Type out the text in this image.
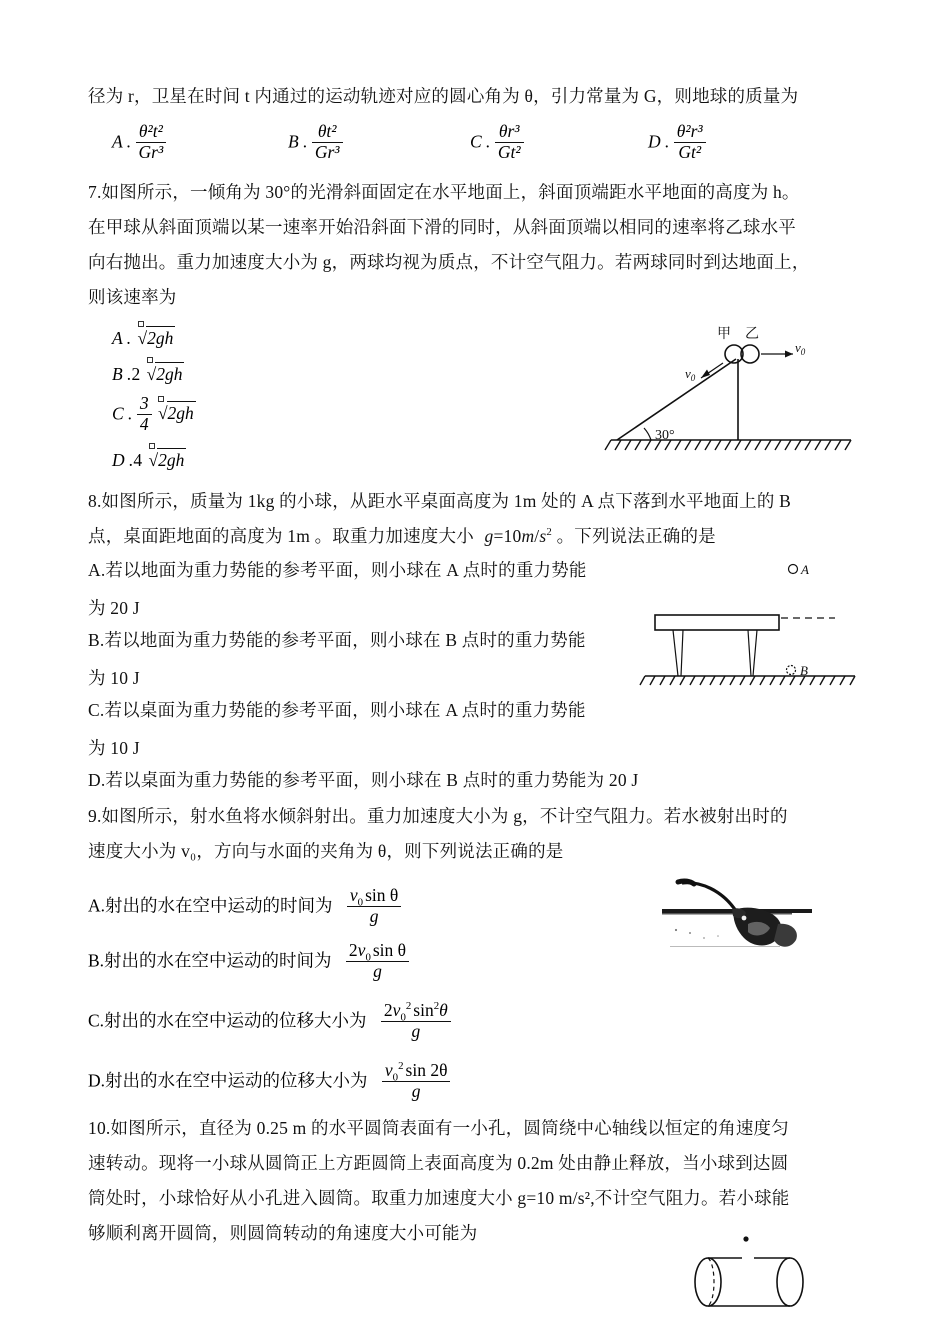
径为 r，卫星在时间 t 内通过的运动轨迹对应的圆心角为 θ，引力常量为 G，则地球的质量为
A . $\frac{\text{θ²t²}}{\text{Gr³}}$	B . $\frac{\text{θt²}}{\text{Gr³}}$	C . $\frac{\text{θr³}}{\text{Gt²}}$	D . $\frac{\text{θ²r³}}{\text{Gt²}}$
7.如图所示，一倾角为 30°的光滑斜面固定在水平地面上，斜面顶端距水平地面的高度为 h。
在甲球从斜面顶端以某一速率开始沿斜面下滑的同时，从斜面顶端以相同的速率将乙球水平
向右抛出。重力加速度大小为 g，两球均视为质点，不计空气阻力。若两球同时到达地面上，
则该速率为
A . √2gh
B .2 √2gh
C . $\frac{3}{4}$
√2gh
D .4 √2gh
甲 乙
$v_0$
$v_0$
30°
8.如图所示，质量为 1kg 的小球，从距水平桌面高度为 1m 处的 A 点下落到水平地面上的 B
点，桌面距地面的高度为 1m 。取重力加速度大小 $g=10m/s^2$ 。下列说法正确的是
A.若以地面为重力势能的参考平面，则小球在 A 点时的重力势能
为 20 J
B.若以地面为重力势能的参考平面，则小球在 B 点时的重力势能
为 10 J
C.若以桌面为重力势能的参考平面，则小球在 A 点时的重力势能
为 10 J
D.若以桌面为重力势能的参考平面，则小球在 B 点时的重力势能为 20 J
A
B
9.如图所示，射水鱼将水倾斜射出。重力加速度大小为 g，不计空气阻力。若水被射出时的
速度大小为 v₀，方向与水面的夹角为 θ，则下列说法正确的是
A.射出的水在空中运动的时间为 $\frac{v_0 \sin \theta}{g}$
B.射出的水在空中运动的时间为 $\frac{2v_0 \sin \theta}{g}$
C.射出的水在空中运动的位移大小为 $\frac{2v_0^2 \sin^2\theta}{g}$
D.射出的水在空中运动的位移大小为 $\frac{v_0^2 \sin 2\theta}{g}$
10.如图所示，直径为 0.25 m 的水平圆筒表面有一小孔，圆筒绕中心轴线以恒定的角速度匀
速转动。现将一小球从圆筒正上方距圆筒上表面高度为 0.2m 处由静止释放，当小球到达圆
筒处时，小球恰好从小孔进入圆筒。取重力加速度大小 g=10 m/s²,不计空气阻力。若小球能
够顺利离开圆筒，则圆筒转动的角速度大小可能为
